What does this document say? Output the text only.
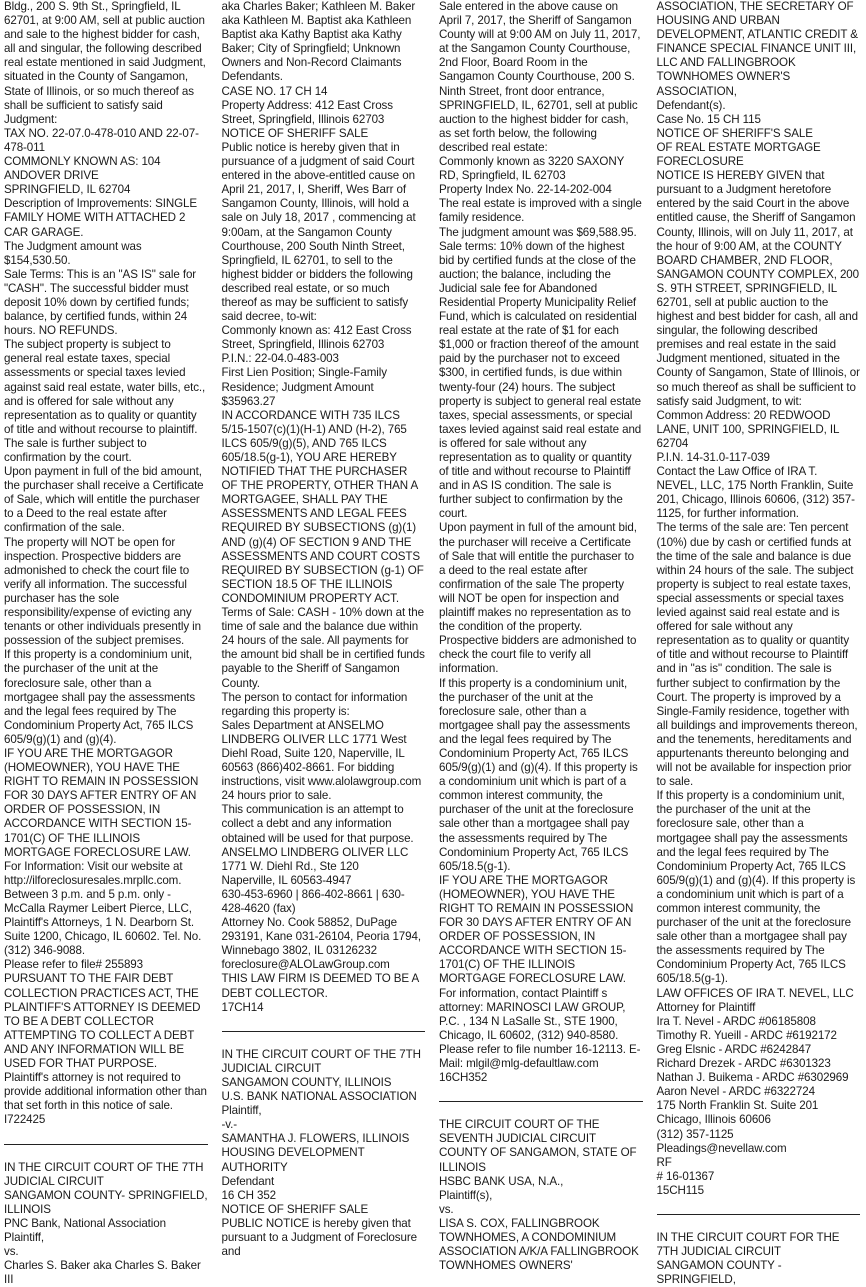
Bldg., 200 S. 9th St., Springfield, IL 62701, at 9:00 AM, sell at public auction and sale to the highest bidder for cash, all and singular, the following described real estate mentioned in said Judgment, situated in the County of Sangamon, State of Illinois, or so much thereof as shall be sufficient to satisfy said Judgment:

TAX NO. 22-07.0-478-010 AND 22-07-478-011

COMMONLY KNOWN AS: 104 ANDOVER DRIVE

SPRINGFIELD, IL 62704

Description of Improvements: SINGLE FAMILY HOME WITH ATTACHED 2 CAR GARAGE.

The Judgment amount was $154,530.50.

Sale Terms: This is an "AS IS" sale for "CASH". The successful bidder must deposit 10% down by certified funds; balance, by certified funds, within 24 hours. NO REFUNDS.

The subject property is subject to general real estate taxes, special assessments or special taxes levied against said real estate, water bills, etc., and is offered for sale without any representation as to quality or quantity of title and without recourse to plaintiff. The sale is further subject to confirmation by the court.

Upon payment in full of the bid amount, the purchaser shall receive a Certificate of Sale, which will entitle the purchaser to a Deed to the real estate after confirmation of the sale.

The property will NOT be open for inspection. Prospective bidders are admonished to check the court file to verify all information. The successful purchaser has the sole responsibility/expense of evicting any tenants or other individuals presently in possession of the subject premises.

If this property is a condominium unit, the purchaser of the unit at the foreclosure sale, other than a mortgagee shall pay the assessments and the legal fees required by The Condominium Property Act, 765 ILCS 605/9(g)(1) and (g)(4).

IF YOU ARE THE MORTGAGOR (HOMEOWNER), YOU HAVE THE RIGHT TO REMAIN IN POSSESSION FOR 30 DAYS AFTER ENTRY OF AN ORDER OF POSSESSION, IN ACCORDANCE WITH SECTION 15-1701(C) OF THE ILLINOIS MORTGAGE FORECLOSURE LAW.

For Information: Visit our website at http://ilforeclosuresales.mrpllc.com.

Between 3 p.m. and 5 p.m. only - McCalla Raymer Leibert Pierce, LLC, Plaintiff's Attorneys, 1 N. Dearborn St. Suite 1200, Chicago, IL 60602. Tel. No. (312) 346-9088.

Please refer to file# 255893

PURSUANT TO THE FAIR DEBT COLLECTION PRACTICES ACT, THE PLAINTIFF'S ATTORNEY IS DEEMED TO BE A DEBT COLLECTOR ATTEMPTING TO COLLECT A DEBT AND ANY INFORMATION WILL BE USED FOR THAT PURPOSE.

Plaintiff's attorney is not required to provide additional information other than that set forth in this notice of sale.

I722425

IN THE CIRCUIT COURT OF THE 7TH JUDICIAL CIRCUIT

SANGAMON COUNTY- SPRINGFIELD, ILLINOIS

PNC Bank, National Association

Plaintiff,

vs.

Charles S. Baker aka Charles S. Baker III

aka Charles Baker; Kathleen M. Baker aka Kathleen M. Baptist aka Kathleen Baptist aka Kathy Baptist aka Kathy Baker; City of Springfield; Unknown Owners and Non-Record Claimants

Defendants.

CASE NO. 17 CH 14

Property Address: 412 East Cross Street, Springfield, Illinois 62703

NOTICE OF SHERIFF SALE

Public notice is hereby given that in pursuance of a judgment of said Court entered in the above-entitled cause on April 21, 2017, I, Sheriff, Wes Barr of Sangamon County, Illinois, will hold a sale on July 18, 2017 , commencing at 9:00am, at the Sangamon County Courthouse, 200 South Ninth Street, Springfield, IL 62701, to sell to the highest bidder or bidders the following described real estate, or so much thereof as may be sufficient to satisfy said decree, to-wit:

Commonly known as: 412 East Cross Street, Springfield, Illinois 62703

P.I.N.: 22-04.0-483-003

First Lien Position; Single-Family Residence; Judgment Amount $35963.27

IN ACCORDANCE WITH 735 ILCS 5/15-1507(c)(1)(H-1) AND (H-2), 765 ILCS 605/9(g)(5), AND 765 ILCS 605/18.5(g-1), YOU ARE HEREBY NOTIFIED THAT THE PURCHASER OF THE PROPERTY, OTHER THAN A MORTGAGEE, SHALL PAY THE ASSESSMENTS AND LEGAL FEES REQUIRED BY SUBSECTIONS (g)(1) AND (g)(4) OF SECTION 9 AND THE ASSESSMENTS AND COURT COSTS REQUIRED BY SUBSECTION (g-1) OF SECTION 18.5 OF THE ILLINOIS CONDOMINIUM PROPERTY ACT.

Terms of Sale: CASH - 10% down at the time of sale and the balance due within 24 hours of the sale. All payments for the amount bid shall be in certified funds payable to the Sheriff of Sangamon County.

The person to contact for information regarding this property is:

Sales Department at ANSELMO LINDBERG OLIVER LLC 1771 West Diehl Road, Suite 120, Naperville, IL 60563 (866)402-8661. For bidding instructions, visit www.alolawgroup.com 24 hours prior to sale.

This communication is an attempt to collect a debt and any information obtained will be used for that purpose.

ANSELMO LINDBERG OLIVER LLC

1771 W. Diehl Rd., Ste 120

Naperville, IL 60563-4947

630-453-6960 | 866-402-8661 | 630-428-4620 (fax)

Attorney No. Cook 58852, DuPage 293191, Kane 031-26104, Peoria 1794, Winnebago 3802, IL 03126232

foreclosure@ALOLawGroup.com

THIS LAW FIRM IS DEEMED TO BE A DEBT COLLECTOR.

17CH14

IN THE CIRCUIT COURT OF THE 7TH JUDICIAL CIRCUIT

SANGAMON COUNTY, ILLINOIS

U.S. BANK NATIONAL ASSOCIATION

Plaintiff,

-v.-

SAMANTHA J. FLOWERS, ILLINOIS HOUSING DEVELOPMENT AUTHORITY

Defendant

16 CH 352

NOTICE OF SHERIFF SALE

PUBLIC NOTICE is hereby given that pursuant to a Judgment of Foreclosure and

Sale entered in the above cause on April 7, 2017, the Sheriff of Sangamon County will at 9:00 AM on July 11, 2017, at the Sangamon County Courthouse, 2nd Floor, Board Room in the Sangamon County Courthouse, 200 S. Ninth Street, front door entrance, SPRINGFIELD, IL, 62701, sell at public auction to the highest bidder for cash, as set forth below, the following described real estate:

Commonly known as 3220 SAXONY RD, Springfield, IL 62703

Property Index No. 22-14-202-004

The real estate is improved with a single family residence.

The judgment amount was $69,588.95.

Sale terms: 10% down of the highest bid by certified funds at the close of the auction; the balance, including the Judicial sale fee for Abandoned Residential Property Municipality Relief Fund, which is calculated on residential real estate at the rate of $1 for each $1,000 or fraction thereof of the amount paid by the purchaser not to exceed $300, in certified funds, is due within twenty-four (24) hours. The subject property is subject to general real estate taxes, special assessments, or special taxes levied against said real estate and is offered for sale without any representation as to quality or quantity of title and without recourse to Plaintiff and in AS IS condition. The sale is further subject to confirmation by the court.

Upon payment in full of the amount bid, the purchaser will receive a Certificate of Sale that will entitle the purchaser to a deed to the real estate after confirmation of the sale The property will NOT be open for inspection and plaintiff makes no representation as to the condition of the property. Prospective bidders are admonished to check the court file to verify all information.

If this property is a condominium unit, the purchaser of the unit at the foreclosure sale, other than a mortgagee shall pay the assessments and the legal fees required by The Condominium Property Act, 765 ILCS 605/9(g)(1) and (g)(4). If this property is a condominium unit which is part of a common interest community, the purchaser of the unit at the foreclosure sale other than a mortgagee shall pay the assessments required by The Condominium Property Act, 765 ILCS 605/18.5(g-1).

IF YOU ARE THE MORTGAGOR (HOMEOWNER), YOU HAVE THE RIGHT TO REMAIN IN POSSESSION FOR 30 DAYS AFTER ENTRY OF AN ORDER OF POSSESSION, IN ACCORDANCE WITH SECTION 15-1701(C) OF THE ILLINOIS MORTGAGE FORECLOSURE LAW.

For information, contact Plaintiff s attorney: MARINOSCI LAW GROUP, P.C. , 134 N LaSalle St., STE 1900, Chicago, IL 60602, (312) 940-8580. Please refer to file number 16-12113. E-Mail: mlgil@mlg-defaultlaw.com

16CH352

THE CIRCUIT COURT OF THE SEVENTH JUDICIAL CIRCUIT

COUNTY OF SANGAMON, STATE OF ILLINOIS

HSBC BANK USA, N.A.,

Plaintiff(s),

vs.

LISA S. COX, FALLINGBROOK TOWNHOMES, A CONDOMINIUM ASSOCIATION A/K/A FALLINGBROOK TOWNHOMES OWNERS'

ASSOCIATION, THE SECRETARY OF HOUSING AND URBAN DEVELOPMENT, ATLANTIC CREDIT & FINANCE SPECIAL FINANCE UNIT III, LLC AND FALLINGBROOK TOWNHOMES OWNER'S ASSOCIATION,

Defendant(s).

Case No. 15 CH 115

NOTICE OF SHERIFF'S SALE

OF REAL ESTATE MORTGAGE FORECLOSURE

NOTICE IS HEREBY GIVEN that pursuant to a Judgment heretofore entered by the said Court in the above entitled cause, the Sheriff of Sangamon County, Illinois, will on July 11, 2017, at the hour of 9:00 AM, at the COUNTY BOARD CHAMBER, 2ND FLOOR, SANGAMON COUNTY COMPLEX, 200 S. 9TH STREET, SPRINGFIELD, IL 62701, sell at public auction to the highest and best bidder for cash, all and singular, the following described premises and real estate in the said Judgment mentioned, situated in the County of Sangamon, State of Illinois, or so much thereof as shall be sufficient to satisfy said Judgment, to wit:

Common Address: 20 REDWOOD LANE, UNIT 100, SPRINGFIELD, IL 62704

P.I.N. 14-31.0-117-039

Contact the Law Office of IRA T. NEVEL, LLC, 175 North Franklin, Suite 201, Chicago, Illinois 60606, (312) 357-1125, for further information.

The terms of the sale are: Ten percent (10%) due by cash or certified funds at the time of the sale and balance is due within 24 hours of the sale. The subject property is subject to real estate taxes, special assessments or special taxes levied against said real estate and is offered for sale without any representation as to quality or quantity of title and without recourse to Plaintiff and in "as is" condition. The sale is further subject to confirmation by the Court. The property is improved by a Single-Family residence, together with all buildings and improvements thereon, and the tenements, hereditaments and appurtenants thereunto belonging and will not be available for inspection prior to sale.

If this property is a condominium unit, the purchaser of the unit at the foreclosure sale, other than a mortgagee shall pay the assessments and the legal fees required by The Condominium Property Act, 765 ILCS 605/9(g)(1) and (g)(4). If this property is a condominium unit which is part of a common interest community, the purchaser of the unit at the foreclosure sale other than a mortgagee shall pay the assessments required by The Condominium Property Act, 765 ILCS 605/18.5(g-1).

LAW OFFICES OF IRA T. NEVEL, LLC

Attorney for Plaintiff

Ira T. Nevel - ARDC #06185808

Timothy R. Yueill - ARDC #6192172

Greg Elsnic - ARDC #6242847

Richard Drezek - ARDC #6301323

Nathan J. Buikema - ARDC #6302969

Aaron Nevel - ARDC #6322724

175 North Franklin St. Suite 201

Chicago, Illinois 60606

(312) 357-1125

Pleadings@nevellaw.com

RF

# 16-01367

15CH115

IN THE CIRCUIT COURT FOR THE 7TH JUDICIAL CIRCUIT

SANGAMON COUNTY - SPRINGFIELD,
